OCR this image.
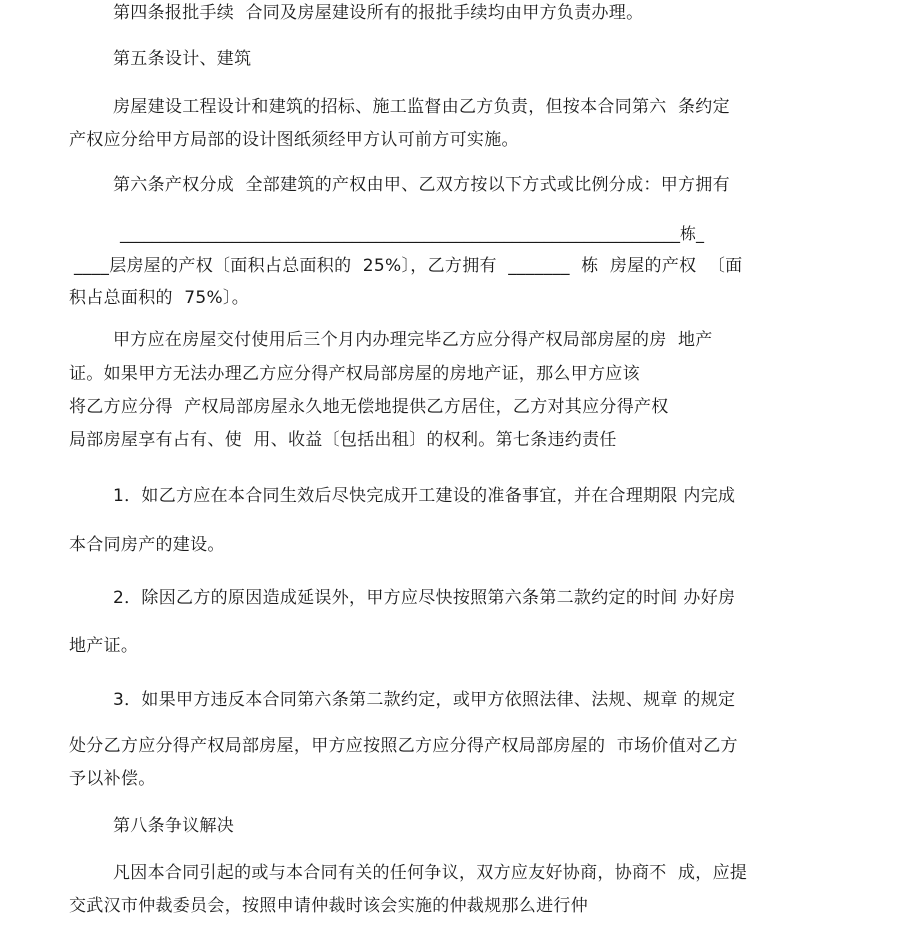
第四条报批手续  合同及房屋建设所有的报批手续均由甲方负责办理。
第五条设计、建筑
房屋建设工程设计和建筑的招标、施工监督由乙方负责，但按本合同第六  条约定
产权应分给甲方局部的设计图纸须经甲方认可前方可实施。
第六条产权分成  全部建筑的产权由甲、乙双方按以下方式或比例分成：甲方拥有
______________________________________________________________________栋_
____层房屋的产权〔面积占总面积的  25%〕，乙方拥有  _______  栋  房屋的产权  〔面
积占总面积的  75%〕。
甲方应在房屋交付使用后三个月内办理完毕乙方应分得产权局部房屋的房  地产
证。如果甲方无法办理乙方应分得产权局部房屋的房地产证，那么甲方应该
将乙方应分得  产权局部房屋永久地无偿地提供乙方居住，乙方对其应分得产权
局部房屋享有占有、使  用、收益〔包括出租〕的权利。第七条违约责任
1．如乙方应在本合同生效后尽快完成开工建设的准备事宜，并在合理期限 内完成
本合同房产的建设。
2．除因乙方的原因造成延误外，甲方应尽快按照第六条第二款约定的时间 办好房
地产证。
3．如果甲方违反本合同第六条第二款约定，或甲方依照法律、法规、规章 的规定
处分乙方应分得产权局部房屋，甲方应按照乙方应分得产权局部房屋的  市场价值对乙方
予以补偿。
第八条争议解决
凡因本合同引起的或与本合同有关的任何争议，双方应友好协商，协商不  成，应提
交武汉市仲裁委员会，按照申请仲裁时该会实施的仲裁规那么进行仲
